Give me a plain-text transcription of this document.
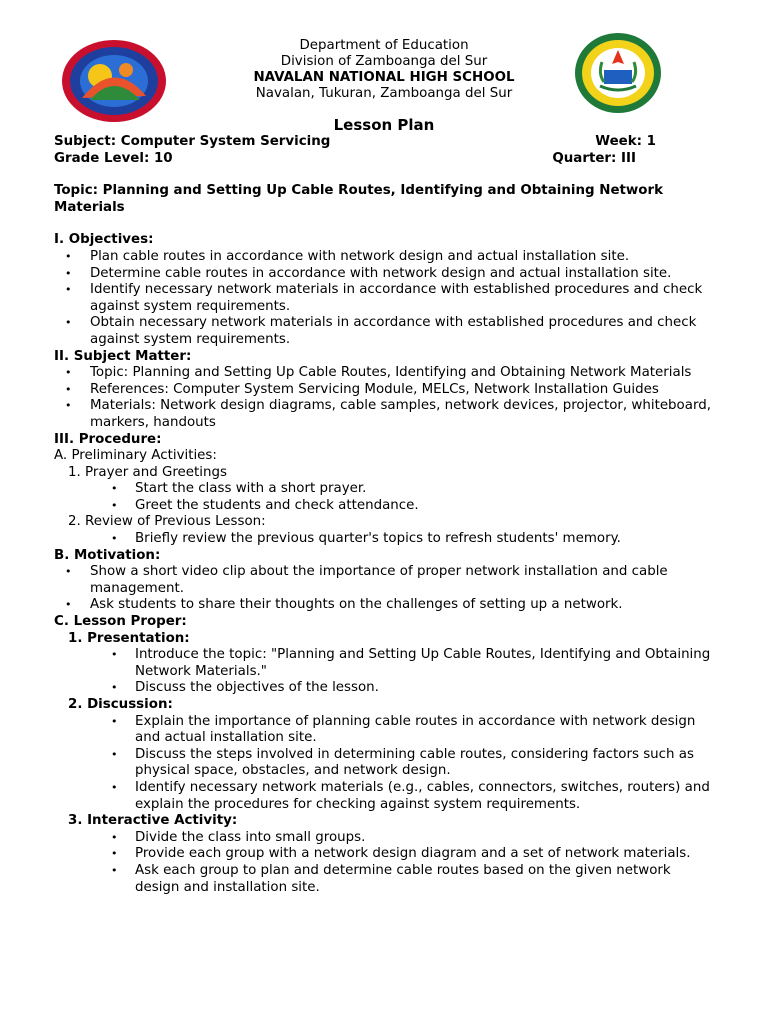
Department of Education
Division of Zamboanga del Sur
NAVALAN NATIONAL HIGH SCHOOL
Navalan, Tukuran, Zamboanga del Sur
Lesson Plan
Subject: Computer System Servicing	Week: 1
Grade Level: 10	Quarter: III
Topic: Planning and Setting Up Cable Routes, Identifying and Obtaining Network Materials
I. Objectives:
• Plan cable routes in accordance with network design and actual installation site.
• Determine cable routes in accordance with network design and actual installation site.
• Identify necessary network materials in accordance with established procedures and check against system requirements.
• Obtain necessary network materials in accordance with established procedures and check against system requirements.
II. Subject Matter:
• Topic: Planning and Setting Up Cable Routes, Identifying and Obtaining Network Materials
• References: Computer System Servicing Module, MELCs, Network Installation Guides
• Materials: Network design diagrams, cable samples, network devices, projector, whiteboard, markers, handouts
III. Procedure:
A. Preliminary Activities:
1. Prayer and Greetings
• Start the class with a short prayer.
• Greet the students and check attendance.
2. Review of Previous Lesson:
• Briefly review the previous quarter's topics to refresh students' memory.
B. Motivation:
• Show a short video clip about the importance of proper network installation and cable management.
• Ask students to share their thoughts on the challenges of setting up a network.
C. Lesson Proper:
1. Presentation:
• Introduce the topic: "Planning and Setting Up Cable Routes, Identifying and Obtaining Network Materials."
• Discuss the objectives of the lesson.
2. Discussion:
• Explain the importance of planning cable routes in accordance with network design and actual installation site.
• Discuss the steps involved in determining cable routes, considering factors such as physical space, obstacles, and network design.
• Identify necessary network materials (e.g., cables, connectors, switches, routers) and explain the procedures for checking against system requirements.
3. Interactive Activity:
• Divide the class into small groups.
• Provide each group with a network design diagram and a set of network materials.
• Ask each group to plan and determine cable routes based on the given network design and installation site.
